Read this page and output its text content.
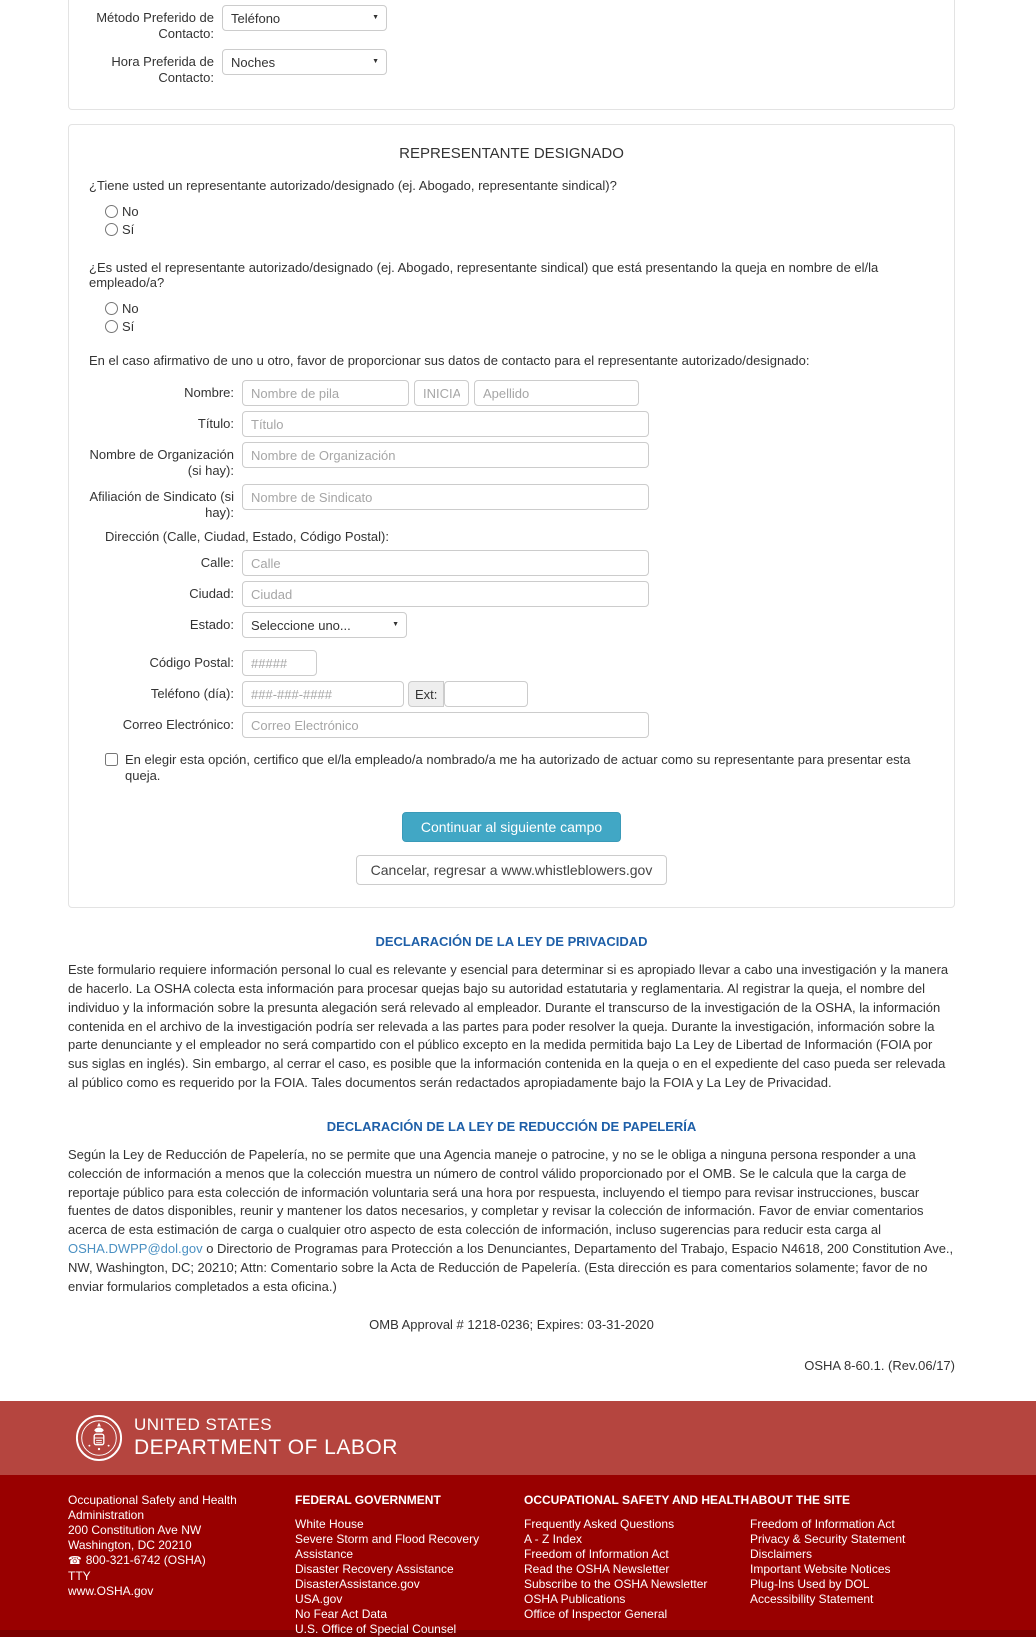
Método Preferido de Contacto:
Teléfono
▼
Hora Preferida de Contacto:
Noches
▼
REPRESENTANTE DESIGNADO
¿Tiene usted un representante autorizado/designado (ej. Abogado, representante sindical)?
No
Sí
¿Es usted el representante autorizado/designado (ej. Abogado, representante sindical) que está presentando la queja en nombre de el/la empleado/a?
No
Sí
En el caso afirmativo de uno u otro, favor de proporcionar sus datos de contacto para el representante autorizado/designado:
Nombre:
Nombre de pila
INICIAL
Apellido
Título:
Título
Nombre de Organización (si hay):
Nombre de Organización
Afiliación de Sindicato (si hay):
Nombre de Sindicato
Dirección (Calle, Ciudad, Estado, Código Postal):
Calle:
Calle
Ciudad:
Ciudad
Estado:
Seleccione uno...	▼
Código Postal:
#####
Teléfono (día):
###-###-####	Ext:
Correo Electrónico:
Correo Electrónico
En elegir esta opción, certifico que el/la empleado/a nombrado/a me ha autorizado de actuar como su representante para presentar esta queja.
Continuar al siguiente campo
Cancelar, regresar a www.whistleblowers.gov
DECLARACIÓN DE LA LEY DE PRIVACIDAD

Este formulario requiere información personal lo cual es relevante y esencial para determinar si es apropiado llevar a cabo una investigación y la manera de hacerlo. La OSHA colecta esta información para procesar quejas bajo su autoridad estatutaria y reglamentaria. Al registrar la queja, el nombre del individuo y la información sobre la presunta alegación será relevado al empleador. Durante el transcurso de la investigación de la OSHA, la información contenida en el archivo de la investigación podría ser relevada a las partes para poder resolver la queja. Durante la investigación, información sobre la parte denunciante y el empleador no será compartido con el público excepto en la medida permitida bajo La Ley de Libertad de Información (FOIA por sus siglas en inglés). Sin embargo, al cerrar el caso, es posible que la información contenida en la queja o en el expediente del caso pueda ser relevada al público como es requerido por la FOIA. Tales documentos serán redactados apropiadamente bajo la FOIA y La Ley de Privacidad.

DECLARACIÓN DE LA LEY DE REDUCCIÓN DE PAPELERÍA

Según la Ley de Reducción de Papelería, no se permite que una Agencia maneje o patrocine, y no se le obliga a ninguna persona responder a una colección de información a menos que la colección muestra un número de control válido proporcionado por el OMB. Se le calcula que la carga de reportaje público para esta colección de información voluntaria será una hora por respuesta, incluyendo el tiempo para revisar instrucciones, buscar fuentes de datos disponibles, reunir y mantener los datos necesarios, y completar y revisar la colección de información. Favor de enviar comentarios acerca de esta estimación de carga o cualquier otro aspecto de esta colección de información, incluso sugerencias para reducir esta carga al OSHA.DWPP@dol.gov o Directorio de Programas para Protección a los Denunciantes, Departamento del Trabajo, Espacio N4618, 200 Constitution Ave., NW, Washington, DC; 20210; Attn: Comentario sobre la Acta de Reducción de Papelería. (Esta dirección es para comentarios solamente; favor de no enviar formularios completados a esta oficina.)

OMB Approval # 1218-0236; Expires: 03-31-2020
OSHA 8-60.1. (Rev.06/17)
UNITED STATES
DEPARTMENT OF LABOR
Occupational Safety and Health Administration
200 Constitution Ave NW
Washington, DC 20210
☎ 800-321-6742 (OSHA)
TTY
www.OSHA.gov
FEDERAL GOVERNMENT
White House
Severe Storm and Flood Recovery Assistance
Disaster Recovery Assistance
DisasterAssistance.gov
USA.gov
No Fear Act Data
U.S. Office of Special Counsel
OCCUPATIONAL SAFETY AND HEALTH
Frequently Asked Questions
A - Z Index
Freedom of Information Act
Read the OSHA Newsletter
Subscribe to the OSHA Newsletter
OSHA Publications
Office of Inspector General
ABOUT THE SITE
Freedom of Information Act
Privacy & Security Statement
Disclaimers
Important Website Notices
Plug-Ins Used by DOL
Accessibility Statement
